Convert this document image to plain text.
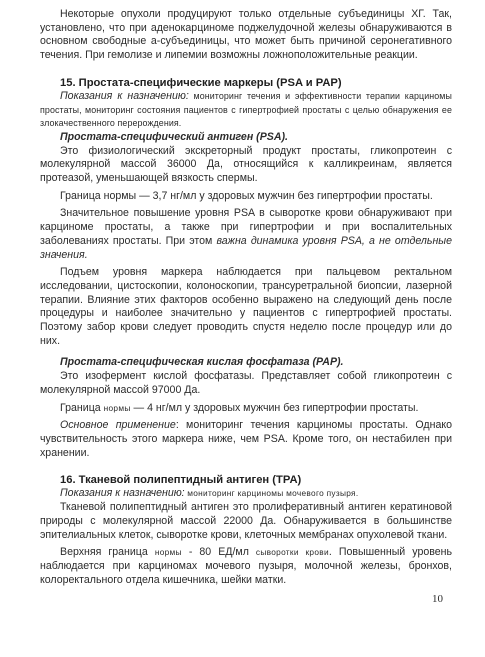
Некоторые опухоли продуцируют только отдельные субъединицы ХГ. Так, установлено, что при аденокарциноме поджелудочной железы обнаруживаются в основном свободные а-субъединицы, что может быть причиной серонегативного течения. При гемолизе и липемии возможны ложноположительные реакции.

15. Простата-специфические маркеры (PSA и PAP)

Показания к назначению: мониторинг течения и эффективности терапии карциномы простаты, мониторинг состояния пациентов с гипертрофией простаты с целью обнаружения ее злокачественного перерождения.

Простата-специфический антиген (PSA).

Это физиологический экскреторный продукт простаты, гликопротеин с молекулярной массой 36000 Да, относящийся к калликреинам, является протеазой, уменьшающей вязкость спермы.

Граница нормы — 3,7 нг/мл у здоровых мужчин без гипертрофии простаты.

Значительное повышение уровня PSA в сыворотке крови обнаруживают при карциноме простаты, а также при гипертрофии и при воспалительных заболеваниях простаты. При этом важна динамика уровня PSA, а не отдельные значения.

Подъем уровня маркера наблюдается при пальцевом ректальном исследовании, цистоскопии, колоноскопии, трансуретральной биопсии, лазерной терапии. Влияние этих факторов особенно выражено на следующий день после процедуры и наиболее значительно у пациентов с гипертрофией простаты. Поэтому забор крови следует проводить спустя неделю после процедур или до них.

Простата-специфическая кислая фосфатаза (PAP).

Это изофермент кислой фосфатазы. Представляет собой гликопротеин с молекулярной массой 97000 Да.

Граница нормы — 4 нг/мл у здоровых мужчин без гипертрофии простаты.

Основное применение: мониторинг течения карциномы простаты. Однако чувствительность этого маркера ниже, чем PSA. Кроме того, он нестабилен при хранении.

16. Тканевой полипептидный антиген (TPA)

Показания к назначению: мониторинг карциномы мочевого пузыря.

Тканевой полипептидный антиген это пролиферативный антиген кератиновой природы с молекулярной массой 22000 Да. Обнаруживается в большинстве эпителиальных клеток, сыворотке крови, клеточных мембранах опухолевой ткани.

Верхняя граница нормы - 80 ЕД/мл сыворотки крови. Повышенный уровень наблюдается при карциномах мочевого пузыря, молочной железы, бронхов, колоректального отдела кишечника, шейки матки.

10
